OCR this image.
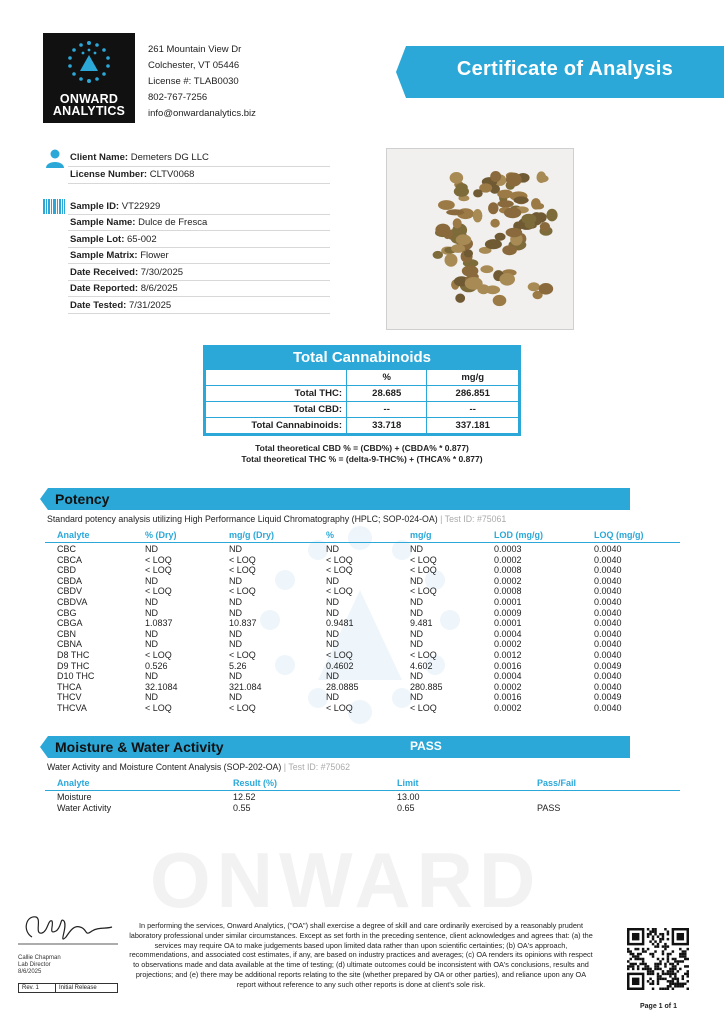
ONWARD
ANALYTICS
261 Mountain View Dr
Colchester, VT 05446
License #: TLAB0030
802-767-7256
info@onwardanalytics.biz
Certificate of Analysis
Client Name: Demeters DG LLC
License Number: CLTV0068
Sample ID: VT22929
Sample Name: Dulce de Fresca
Sample Lot: 65-002
Sample Matrix: Flower
Date Received: 7/30/2025
Date Reported: 8/6/2025
Date Tested: 7/31/2025
Total Cannabinoids
	%	mg/g
Total THC:	28.685	286.851
Total CBD:	--	--
Total Cannabinoids:	33.718	337.181
Total theoretical CBD % = (CBD%) + (CBDA% * 0.877)
Total theoretical THC % = (delta-9-THC%) + (THCA% * 0.877)
ONWARD
Potency
Standard potency analysis utilizing High Performance Liquid Chromatography (HPLC; SOP-024-OA) | Test ID: #75061
Analyte	% (Dry)	mg/g (Dry)	%	mg/g	LOD (mg/g)	LOQ (mg/g)
CBC	ND	ND	ND	ND	0.0003	0.0040
CBCA	< LOQ	< LOQ	< LOQ	< LOQ	0.0002	0.0040
CBD	< LOQ	< LOQ	< LOQ	< LOQ	0.0008	0.0040
CBDA	ND	ND	ND	ND	0.0002	0.0040
CBDV	< LOQ	< LOQ	< LOQ	< LOQ	0.0008	0.0040
CBDVA	ND	ND	ND	ND	0.0001	0.0040
CBG	ND	ND	ND	ND	0.0009	0.0040
CBGA	1.0837	10.837	0.9481	9.481	0.0001	0.0040
CBN	ND	ND	ND	ND	0.0004	0.0040
CBNA	ND	ND	ND	ND	0.0002	0.0040
D8 THC	< LOQ	< LOQ	< LOQ	< LOQ	0.0012	0.0040
D9 THC	0.526	5.26	0.4602	4.602	0.0016	0.0049
D10 THC	ND	ND	ND	ND	0.0004	0.0040
THCA	32.1084	321.084	28.0885	280.885	0.0002	0.0040
THCV	ND	ND	ND	ND	0.0016	0.0049
THCVA	< LOQ	< LOQ	< LOQ	< LOQ	0.0002	0.0040
Moisture & Water Activity	PASS
Water Activity and Moisture Content Analysis (SOP-202-OA) | Test ID: #75062
Analyte	Result (%)	Limit	Pass/Fail
Moisture	12.52	13.00
Water Activity	0.55	0.65	PASS
Callie Chapman
Lab Director
8/6/2025
Rev. 1	Initial Release
In performing the services, Onward Analytics, ("OA") shall exercise a degree of skill and care ordinarily exercised by a reasonably prudent laboratory professional under similar circumstances. Except as set forth in the preceding sentence, client acknowledges and agrees that: (a) the services may require OA to make judgements based upon limited data rather than upon scientific certainties; (b) OA's approach, recommendations, and associated cost estimates, if any, are based on industry practices and averages; (c) OA renders its opinions with respect to observations made and data available at the time of testing; (d) ultimate outcomes could be inconsistent with OA's conclusions, results and projections; and (e) there may be additional reports relating to the site (whether prepared by OA or other parties), and reliance upon any OA report without reference to any such other reports is done at client's sole risk.
Page 1 of 1
